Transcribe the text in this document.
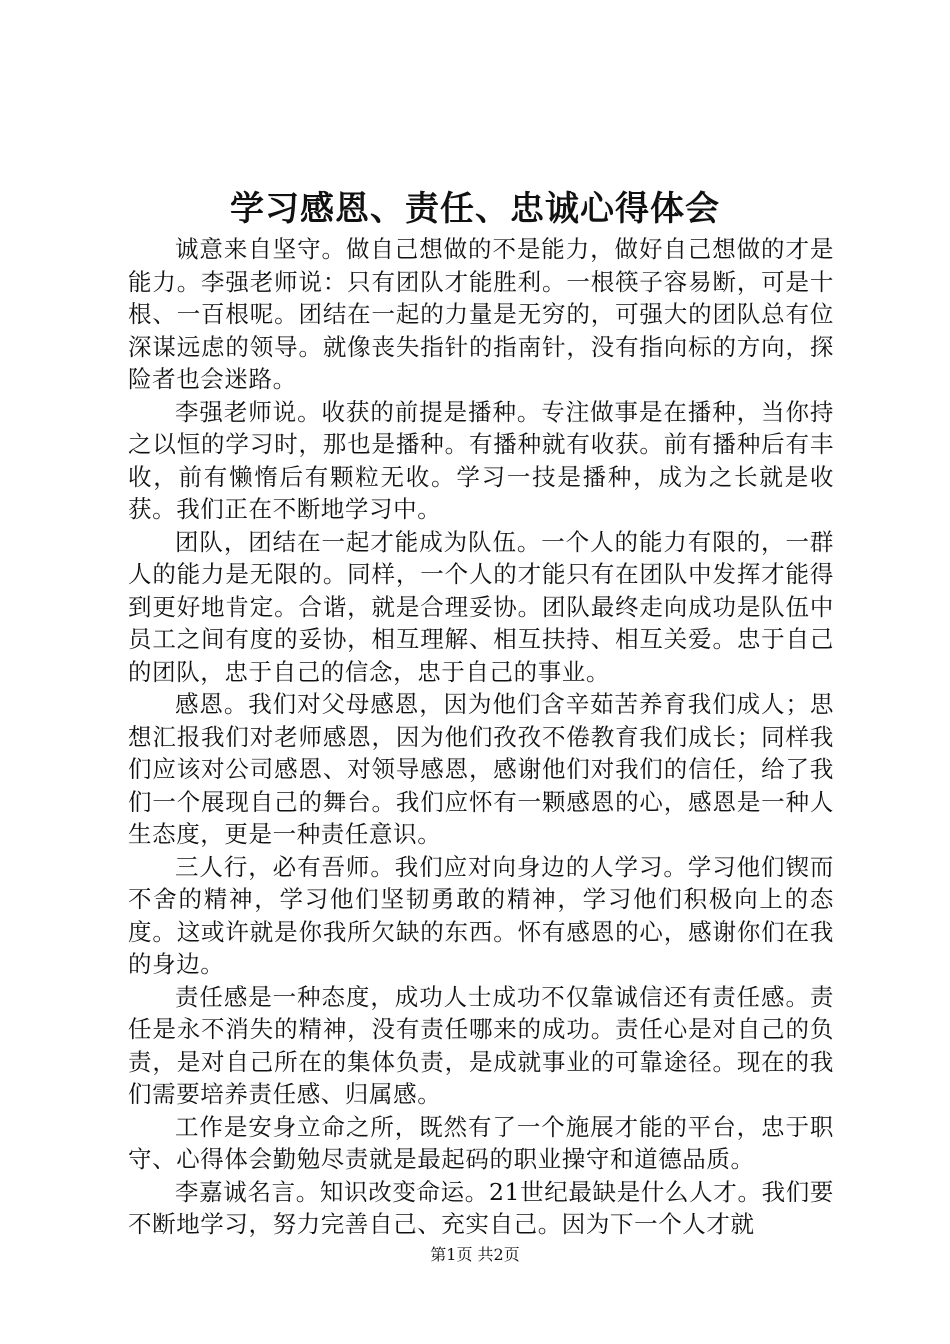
学习感恩、责任、忠诚心得体会

诚意来自坚守。做自己想做的不是能力，做好自己想做的才是能力。李强老师说：只有团队才能胜利。一根筷子容易断，可是十根、一百根呢。团结在一起的力量是无穷的，可强大的团队总有位深谋远虑的领导。就像丧失指针的指南针，没有指向标的方向，探险者也会迷路。

李强老师说。收获的前提是播种。专注做事是在播种，当你持之以恒的学习时，那也是播种。有播种就有收获。前有播种后有丰收，前有懒惰后有颗粒无收。学习一技是播种，成为之长就是收获。我们正在不断地学习中。

团队，团结在一起才能成为队伍。一个人的能力有限的，一群人的能力是无限的。同样，一个人的才能只有在团队中发挥才能得到更好地肯定。合谐，就是合理妥协。团队最终走向成功是队伍中员工之间有度的妥协，相互理解、相互扶持、相互关爱。忠于自己的团队，忠于自己的信念，忠于自己的事业。

感恩。我们对父母感恩，因为他们含辛茹苦养育我们成人；思想汇报我们对老师感恩，因为他们孜孜不倦教育我们成长；同样我们应该对公司感恩、对领导感恩，感谢他们对我们的信任，给了我们一个展现自己的舞台。我们应怀有一颗感恩的心，感恩是一种人生态度，更是一种责任意识。

三人行，必有吾师。我们应对向身边的人学习。学习他们锲而不舍的精神，学习他们坚韧勇敢的精神，学习他们积极向上的态度。这或许就是你我所欠缺的东西。怀有感恩的心，感谢你们在我的身边。

责任感是一种态度，成功人士成功不仅靠诚信还有责任感。责任是永不消失的精神，没有责任哪来的成功。责任心是对自己的负责，是对自己所在的集体负责，是成就事业的可靠途径。现在的我们需要培养责任感、归属感。

工作是安身立命之所，既然有了一个施展才能的平台，忠于职守、心得体会勤勉尽责就是最起码的职业操守和道德品质。

李嘉诚名言。知识改变命运。21世纪最缺是什么人才。我们要不断地学习，努力完善自己、充实自己。因为下一个人才就

第1页 共2页
